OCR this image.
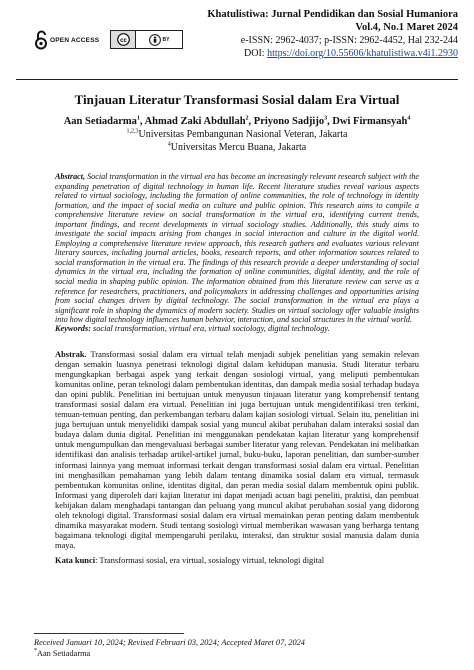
OPEN ACCESS	cc	BY
Khatulistiwa: Jurnal Pendidikan dan Sosial Humaniora
Vol.4, No.1 Maret 2024
e-ISSN: 2962-4037; p-ISSN: 2962-4452, Hal 232-244
DOI: https://doi.org/10.55606/khatulistiwa.v4i1.2930
Tinjauan Literatur Transformasi Sosial dalam Era Virtual
Aan Setiadarma$^1$, Ahmad Zaki Abdullah$^2$, Priyono Sadjijo$^3$, Dwi Firmansyah$^4$
$^{1,2,3}$Universitas Pembangunan Nasional Veteran, Jakarta
$^4$Universitas Mercu Buana, Jakarta
Abstract, Social transformation in the virtual era has become an increasingly relevant research subject with the expanding penetration of digital technology in human life. Recent literature studies reveal various aspects related to virtual sociology, including the formation of online communities, the role of technology in identity formation, and the impact of social media on culture and public opinion. This research aims to compile a comprehensive literature review on social transformation in the virtual era, identifying current trends, important findings, and recent developments in virtual sociology studies. Additionally, this study aims to investigate the social impacts arising from changes in social interaction and culture in the digital world. Employing a comprehensive literature review approach, this research gathers and evaluates various relevant literary sources, including journal articles, books, research reports, and other information sources related to social transformation in the virtual era. The findings of this research provide a deeper understanding of social dynamics in the virtual era, including the formation of online communities, digital identity, and the role of social media in shaping public opinion. The information obtained from this literature review can serve as a reference for researchers, practitioners, and policymakers in addressing challenges and opportunities arising from social changes driven by digital technology. The social transformation in the virtual era plays a significant role in shaping the dynamics of modern society. Studies on virtual sociology offer valuable insights into how digital technology influences human behavior, interaction, and social structures in the virtual world.
Keywords: social transformation, virtual era, virtual sociology, digital technology.
Abstrak. Transformasi sosial dalam era virtual telah menjadi subjek penelitian yang semakin relevan dengan semakin luasnya penetrasi teknologi digital dalam kehidupan manusia. Studi literatur terbaru mengungkapkan berbagai aspek yang terkait dengan sosiologi virtual, yang meliputi pembentukan komunitas online, peran teknologi dalam pembentukan identitas, dan dampak media sosial terhadap budaya dan opini publik. Penelitian ini bertujuan untuk menyusun tinjauan literatur yang komprehensif tentang transformasi sosial dalam era virtual. Penelitian ini juga bertujuan untuk mengidentifikasi tren terkini, temuan-temuan penting, dan perkembangan terbaru dalam kajian sosiologi virtual. Selain itu, penelitian ini juga bertujuan untuk menyelidiki dampak sosial yang muncul akibat perubahan dalam interaksi sosial dan budaya dalam dunia digital. Penelitian ini menggunakan pendekatan kajian literatur yang komprehensif untuk mengumpulkan dan mengevaluasi berbagai sumber literatur yang relevan. Pendekatan ini melibatkan identifikasi dan analisis terhadap artikel-artikel jurnal, buku-buku, laporan penelitian, dan sumber-sumber informasi lainnya yang memuat informasi terkait dengan transformasi sosial dalam era virtual. Penelitian ini menghasilkan pemahaman yang lebih dalam tentang dinamika sosial dalam era virtual, termasuk pembentukan komunitas online, identitas digital, dan peran media sosial dalam membentuk opini publik. Informasi yang diperoleh dari kajian literatur ini dapat menjadi acuan bagi peneliti, praktisi, dan pembuat kebijakan dalam menghadapi tantangan dan peluang yang muncul akibat perubahan sosial yang didorong oleh teknologi digital. Transformasi sosial dalam era virtual memainkan peran penting dalam membentuk dinamika masyarakat modern. Studi tentang sosiologi virtual memberikan wawasan yang berharga tentang bagaimana teknologi digital mempengaruhi perilaku, interaksi, dan struktur sosial manusia dalam dunia maya.
Kata kunci: Transformasi sosial, era virtual, sosialogy virtual, teknologi digital
Received Januari 10, 2024; Revised Februari 03, 2024; Accepted Maret 07, 2024
*Aan Setiadarma
